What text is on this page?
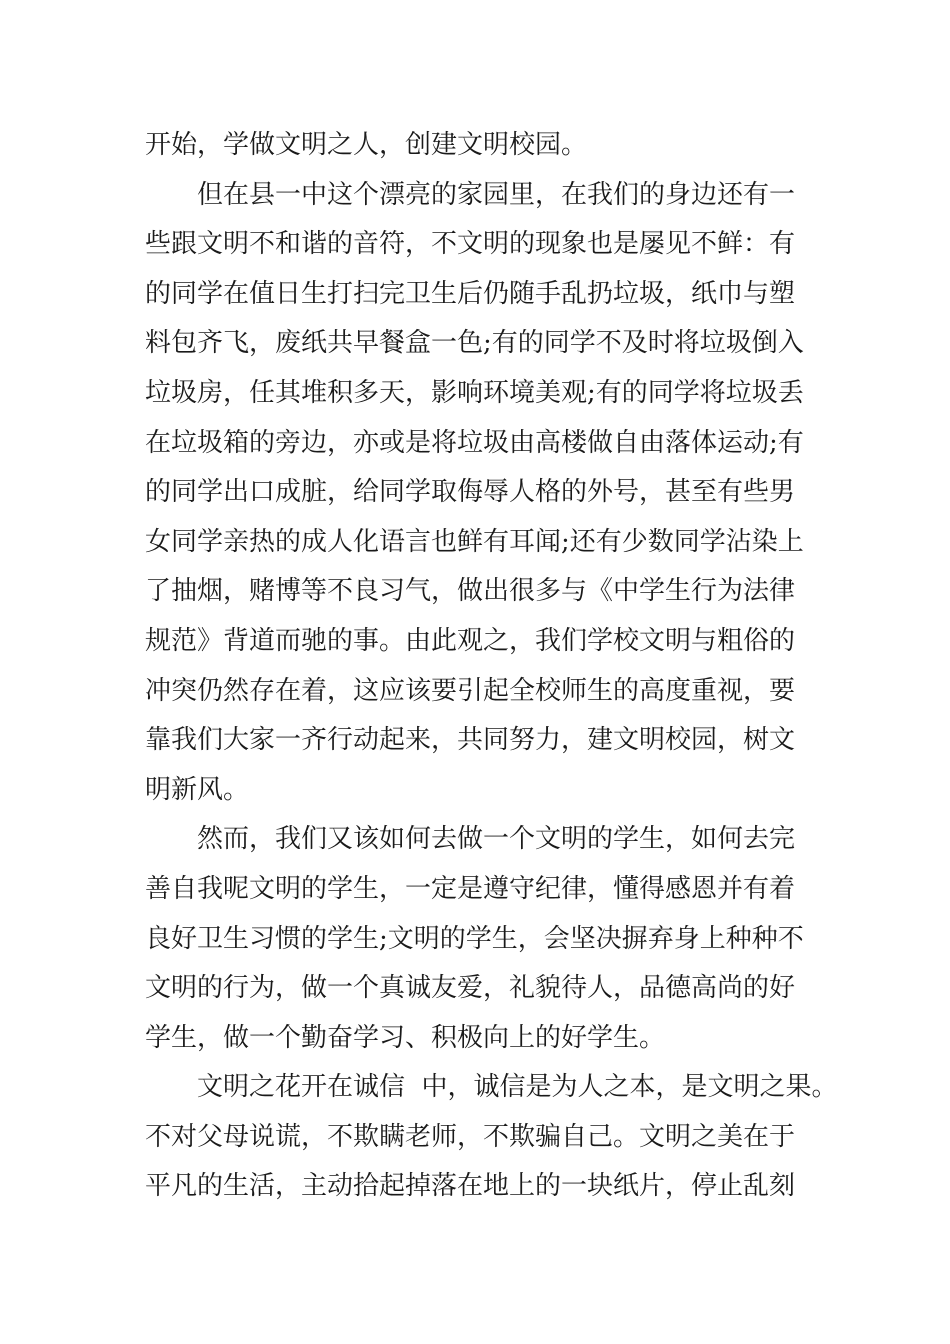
开始，学做文明之人，创建文明校园。
但在县一中这个漂亮的家园里，在我们的身边还有一
些跟文明不和谐的音符，不文明的现象也是屡见不鲜：有
的同学在值日生打扫完卫生后仍随手乱扔垃圾，纸巾与塑
料包齐飞，废纸共早餐盒一色;有的同学不及时将垃圾倒入
垃圾房，任其堆积多天，影响环境美观;有的同学将垃圾丢
在垃圾箱的旁边，亦或是将垃圾由高楼做自由落体运动;有
的同学出口成脏，给同学取侮辱人格的外号，甚至有些男
女同学亲热的成人化语言也鲜有耳闻;还有少数同学沾染上
了抽烟，赌博等不良习气，做出很多与《中学生行为法律
规范》背道而驰的事。由此观之，我们学校文明与粗俗的
冲突仍然存在着，这应该要引起全校师生的高度重视，要
靠我们大家一齐行动起来，共同努力，建文明校园，树文
明新风。
然而，我们又该如何去做一个文明的学生，如何去完
善自我呢文明的学生，一定是遵守纪律，懂得感恩并有着
良好卫生习惯的学生;文明的学生，会坚决摒弃身上种种不
文明的行为，做一个真诚友爱，礼貌待人，品德高尚的好
学生，做一个勤奋学习、积极向上的好学生。
文明之花开在诚信  中，诚信是为人之本，是文明之果。
不对父母说谎，不欺瞒老师，不欺骗自己。文明之美在于
平凡的生活，主动拾起掉落在地上的一块纸片，停止乱刻
